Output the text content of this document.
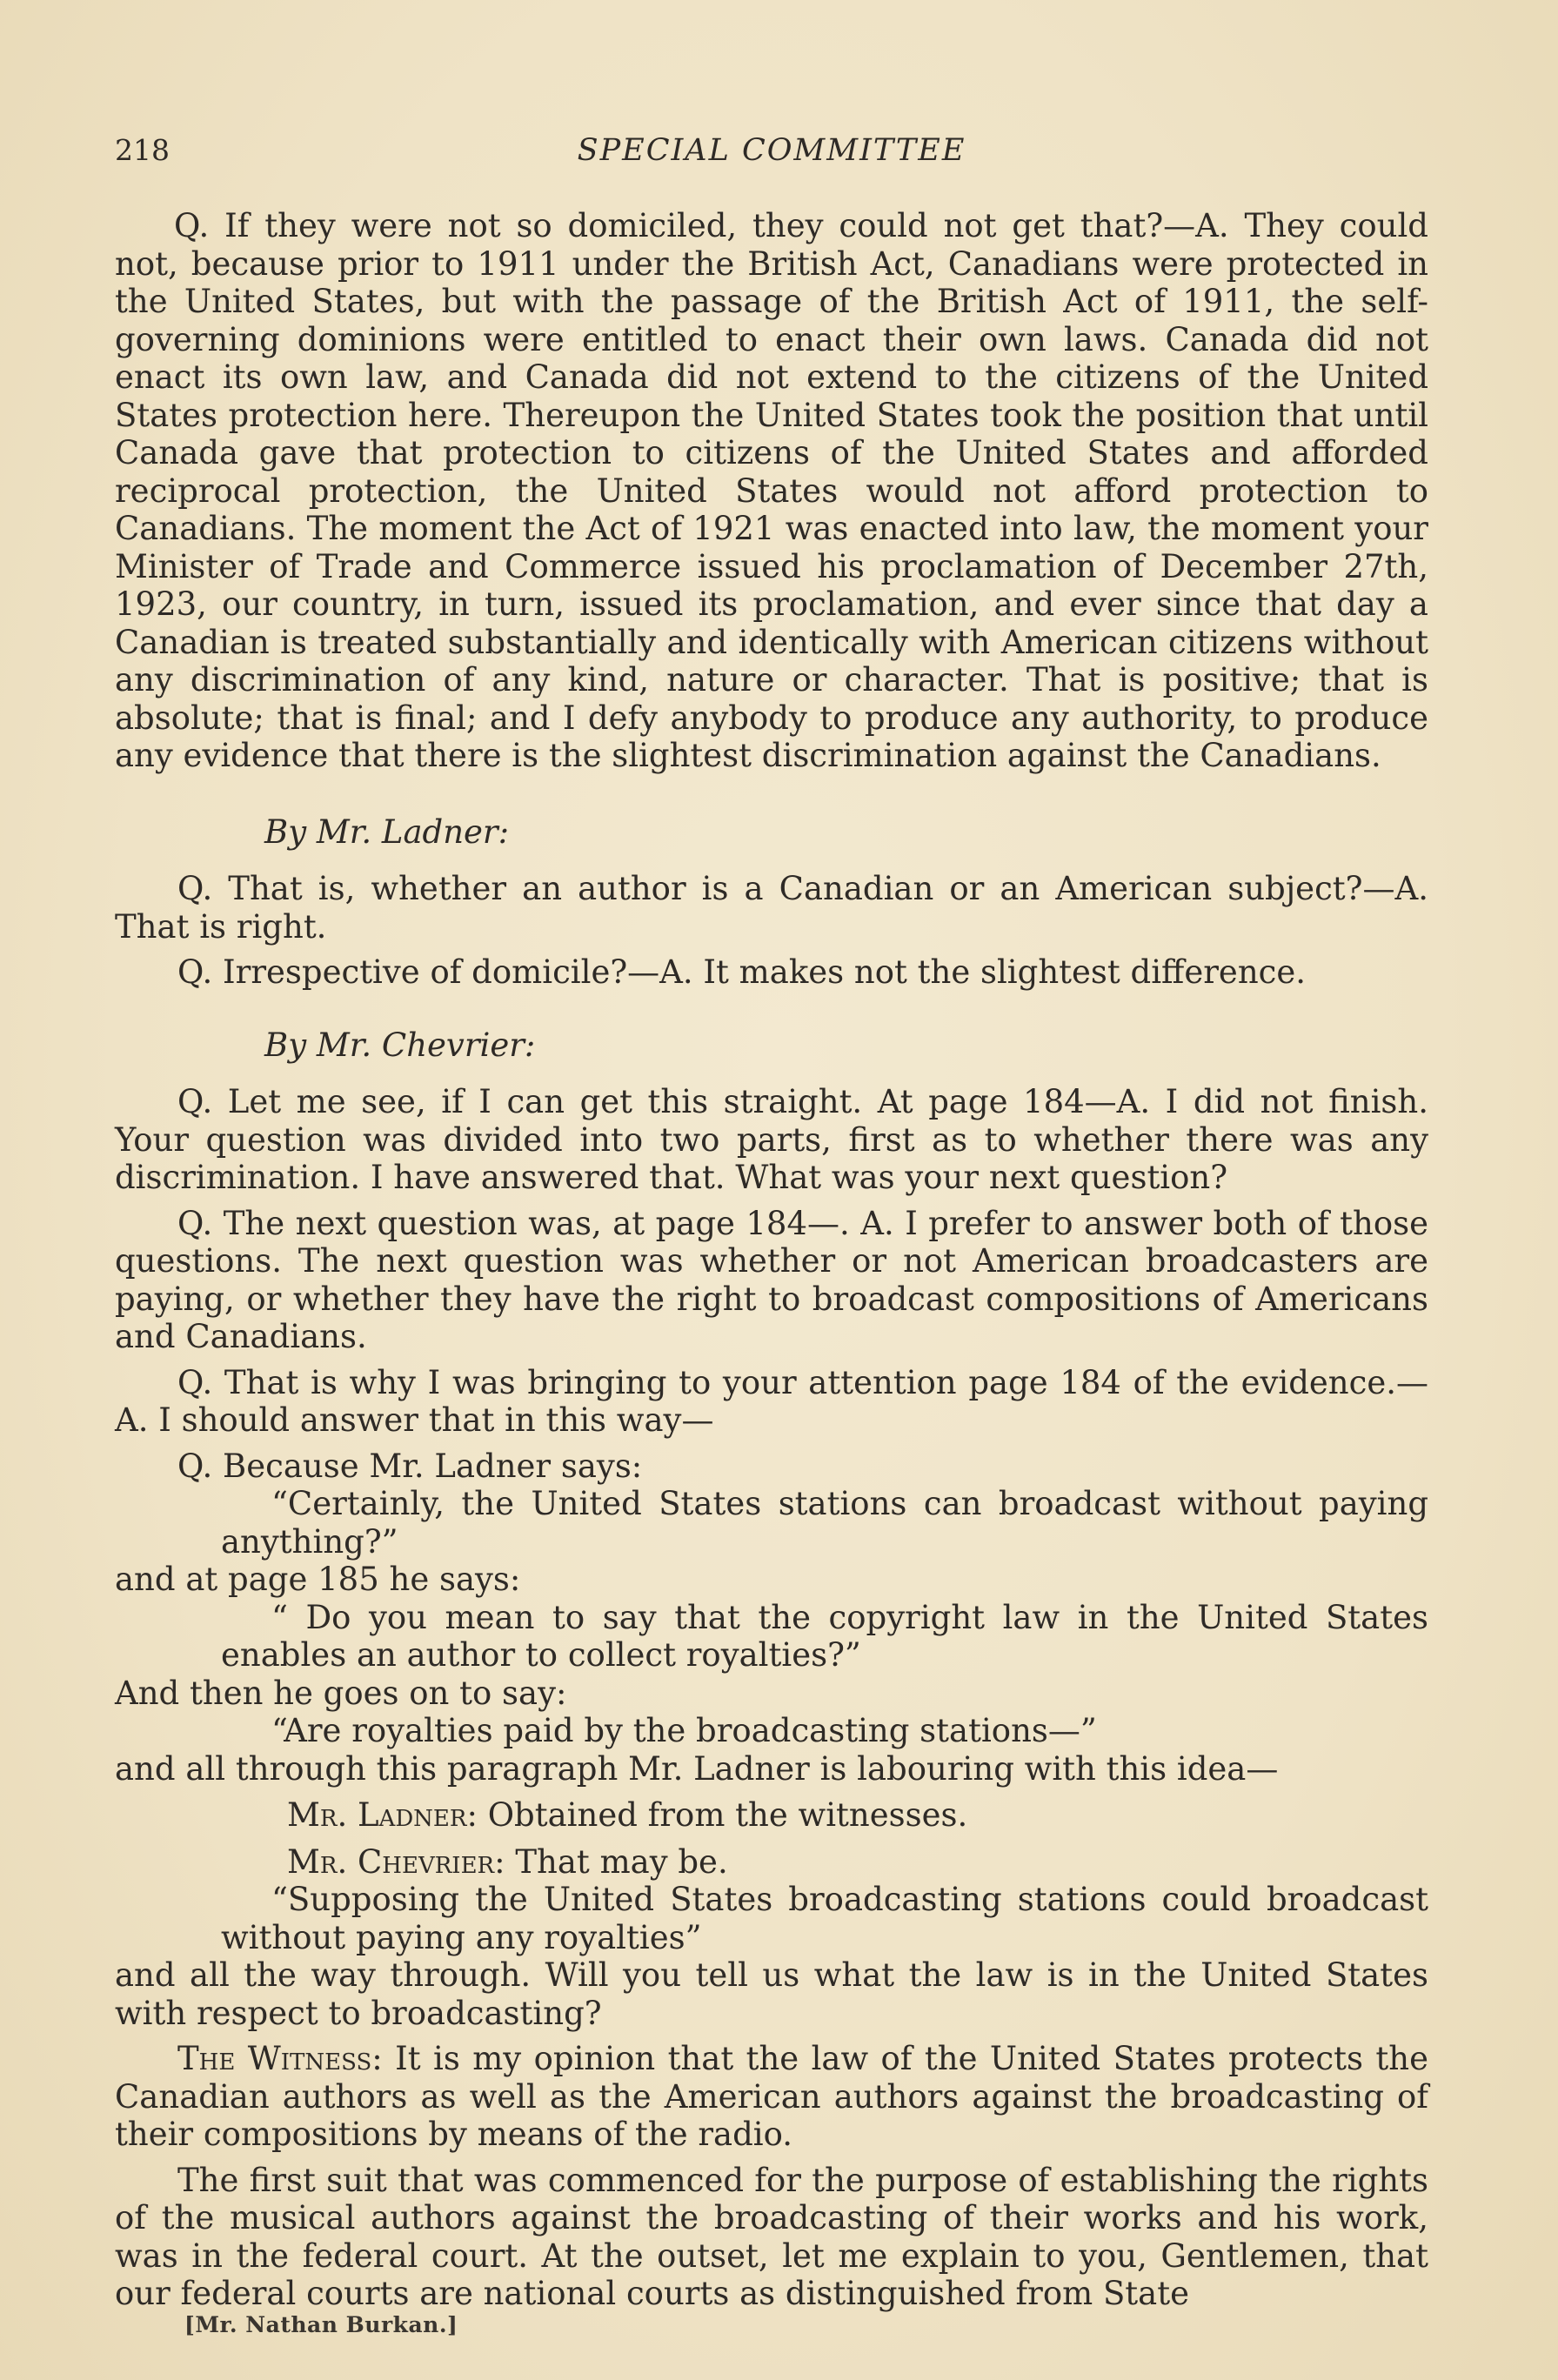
218	SPECIAL COMMITTEE

Q. If they were not so domiciled, they could not get that?—A. They could not, because prior to 1911 under the British Act, Canadians were protected in the United States, but with the passage of the British Act of 1911, the self-governing dominions were entitled to enact their own laws. Canada did not enact its own law, and Canada did not extend to the citizens of the United States protection here. Thereupon the United States took the position that until Canada gave that protection to citizens of the United States and afforded reciprocal protection, the United States would not afford protection to Canadians. The moment the Act of 1921 was enacted into law, the moment your Minister of Trade and Commerce issued his proclamation of December 27th, 1923, our country, in turn, issued its proclamation, and ever since that day a Canadian is treated substantially and identically with American citizens without any discrimination of any kind, nature or character. That is positive; that is absolute; that is final; and I defy anybody to produce any authority, to produce any evidence that there is the slightest discrimination against the Canadians.

By Mr. Ladner:

Q. That is, whether an author is a Canadian or an American subject?—A. That is right.

Q. Irrespective of domicile?—A. It makes not the slightest difference.

By Mr. Chevrier:

Q. Let me see, if I can get this straight. At page 184—A. I did not finish. Your question was divided into two parts, first as to whether there was any discrimination. I have answered that. What was your next question?

Q. The next question was, at page 184—. A. I prefer to answer both of those questions. The next question was whether or not American broadcasters are paying, or whether they have the right to broadcast compositions of Americans and Canadians.

Q. That is why I was bringing to your attention page 184 of the evidence.—A. I should answer that in this way—

Q. Because Mr. Ladner says:

“Certainly, the United States stations can broadcast without paying anything?”

and at page 185 he says:

“ Do you mean to say that the copyright law in the United States enables an author to collect royalties?”

And then he goes on to say:

“Are royalties paid by the broadcasting stations—”

and all through this paragraph Mr. Ladner is labouring with this idea—

Mr. Ladner: Obtained from the witnesses.

Mr. Chevrier: That may be.

“Supposing the United States broadcasting stations could broadcast without paying any royalties”

and all the way through. Will you tell us what the law is in the United States with respect to broadcasting?

The Witness: It is my opinion that the law of the United States protects the Canadian authors as well as the American authors against the broadcasting of their compositions by means of the radio.

The first suit that was commenced for the purpose of establishing the rights of the musical authors against the broadcasting of their works and his work, was in the federal court. At the outset, let me explain to you, Gentlemen, that our federal courts are national courts as distinguished from State

[Mr. Nathan Burkan.]
